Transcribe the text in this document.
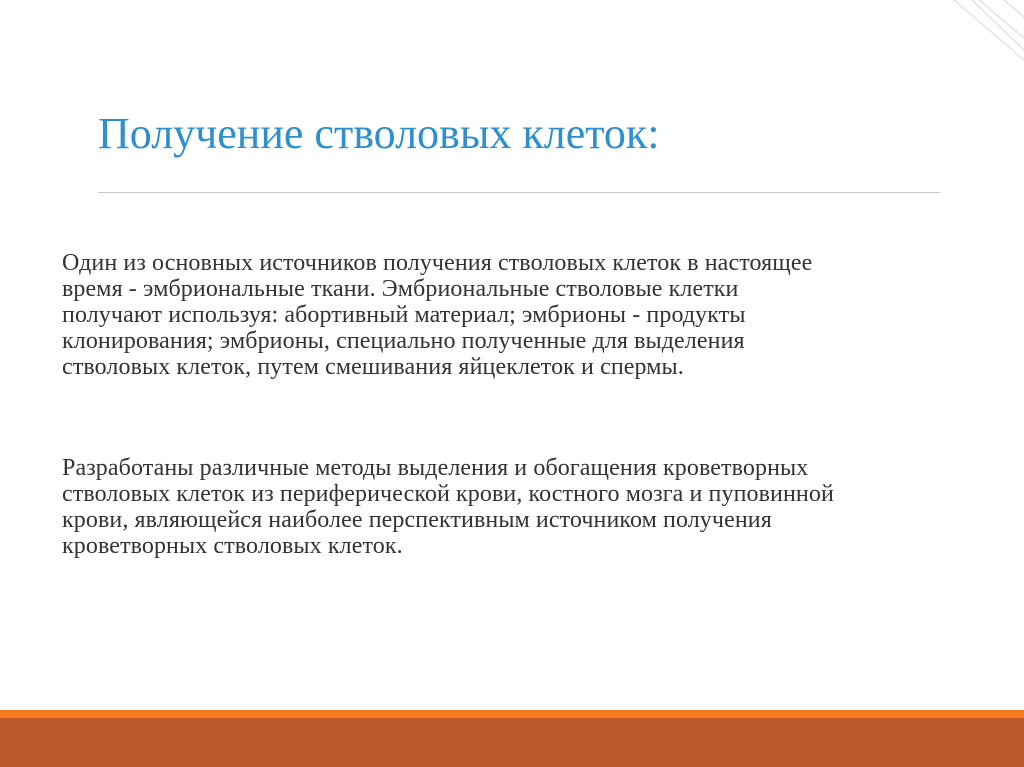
Получение стволовых клеток:

Один из основных источников получения стволовых клеток в настоящее
время - эмбриональные ткани. Эмбриональные стволовые клетки
получают используя: абортивный материал; эмбрионы - продукты
клонирования; эмбрионы, специально полученные для выделения
стволовых клеток, путем смешивания яйцеклеток и спермы.

Разработаны различные методы выделения и обогащения кроветворных
стволовых клеток из периферической крови, костного мозга и пуповинной
крови, являющейся наиболее перспективным источником получения
кроветворных стволовых клеток.
